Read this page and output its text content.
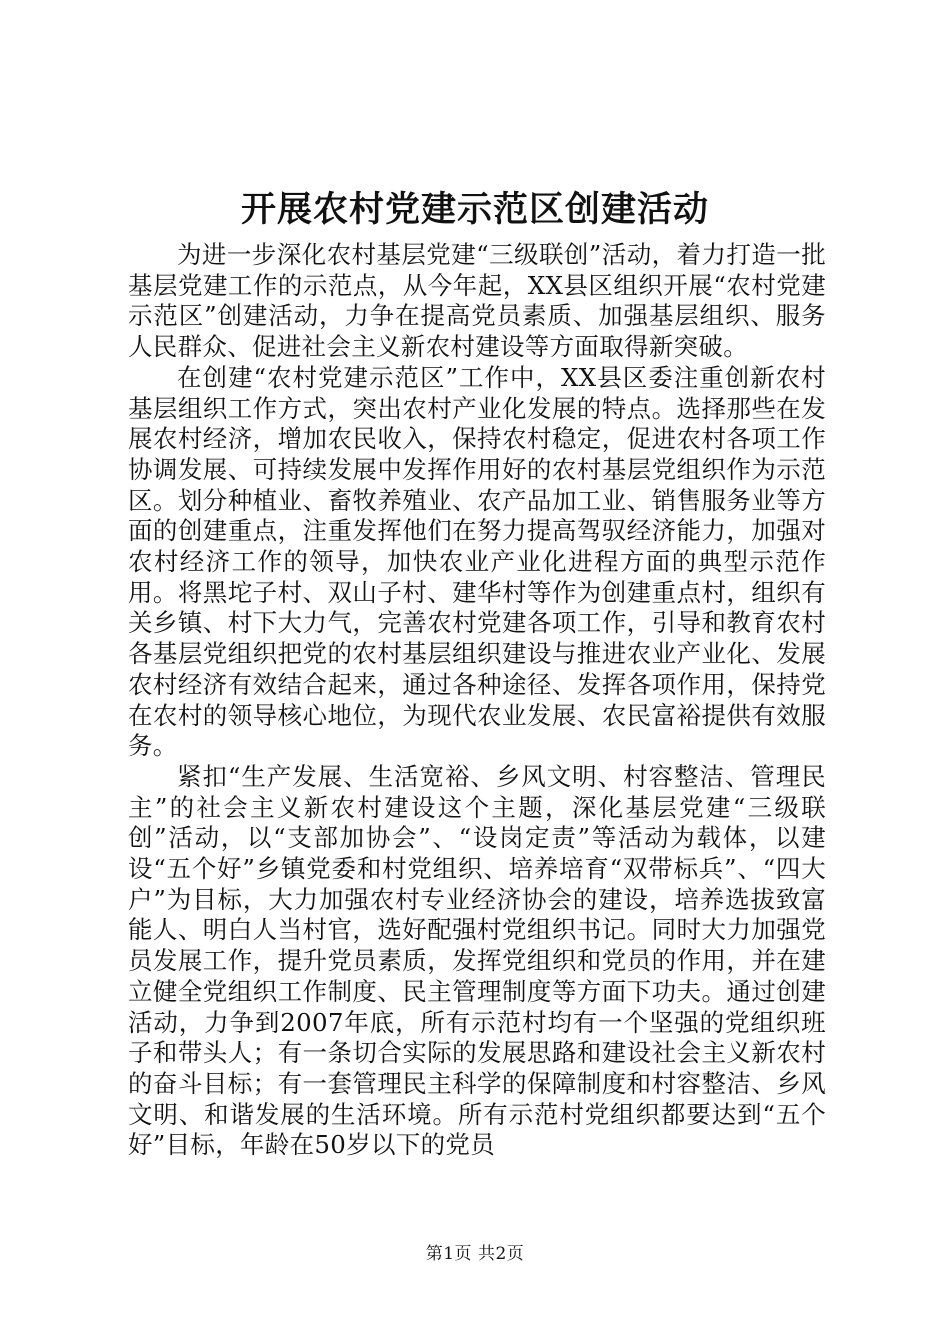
开展农村党建示范区创建活动

为进一步深化农村基层党建“三级联创”活动，着力打造一批基层党建工作的示范点，从今年起，XX县区组织开展“农村党建示范区”创建活动，力争在提高党员素质、加强基层组织、服务人民群众、促进社会主义新农村建设等方面取得新突破。

在创建“农村党建示范区”工作中，XX县区委注重创新农村基层组织工作方式，突出农村产业化发展的特点。选择那些在发展农村经济，增加农民收入，保持农村稳定，促进农村各项工作协调发展、可持续发展中发挥作用好的农村基层党组织作为示范区。划分种植业、畜牧养殖业、农产品加工业、销售服务业等方面的创建重点，注重发挥他们在努力提高驾驭经济能力，加强对农村经济工作的领导，加快农业产业化进程方面的典型示范作用。将黑坨子村、双山子村、建华村等作为创建重点村，组织有关乡镇、村下大力气，完善农村党建各项工作，引导和教育农村各基层党组织把党的农村基层组织建设与推进农业产业化、发展农村经济有效结合起来，通过各种途径、发挥各项作用，保持党在农村的领导核心地位，为现代农业发展、农民富裕提供有效服务。

紧扣“生产发展、生活宽裕、乡风文明、村容整洁、管理民主”的社会主义新农村建设这个主题，深化基层党建“三级联创”活动，以“支部加协会”、“设岗定责”等活动为载体，以建设“五个好”乡镇党委和村党组织、培养培育“双带标兵”、“四大户”为目标，大力加强农村专业经济协会的建设，培养选拔致富能人、明白人当村官，选好配强村党组织书记。同时大力加强党员发展工作，提升党员素质，发挥党组织和党员的作用，并在建立健全党组织工作制度、民主管理制度等方面下功夫。通过创建活动，力争到2007年底，所有示范村均有一个坚强的党组织班子和带头人；有一条切合实际的发展思路和建设社会主义新农村的奋斗目标；有一套管理民主科学的保障制度和村容整洁、乡风文明、和谐发展的生活环境。所有示范村党组织都要达到“五个好”目标，年龄在50岁以下的党员

第1页 共2页
